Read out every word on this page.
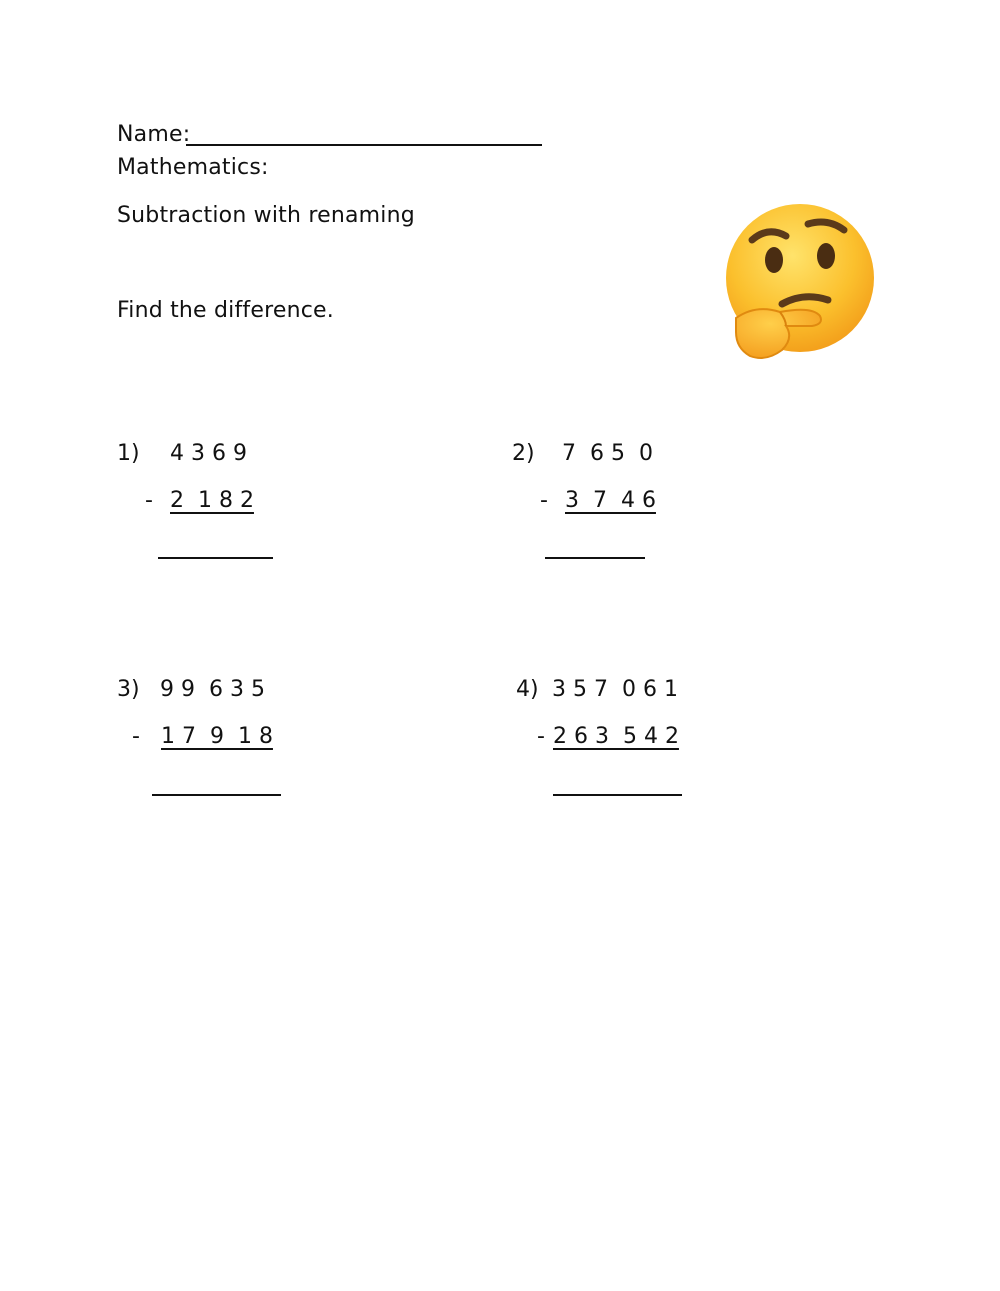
Name:
Mathematics:
Subtraction with renaming
Find the difference.
1) 4 3 6 9
- 2  1 8 2
2) 7  6 5  0
- 3  7  4 6
3) 9 9  6 3 5
- 1 7  9  1 8
4) 3 5 7  0 6 1
- 2 6 3  5 4 2
